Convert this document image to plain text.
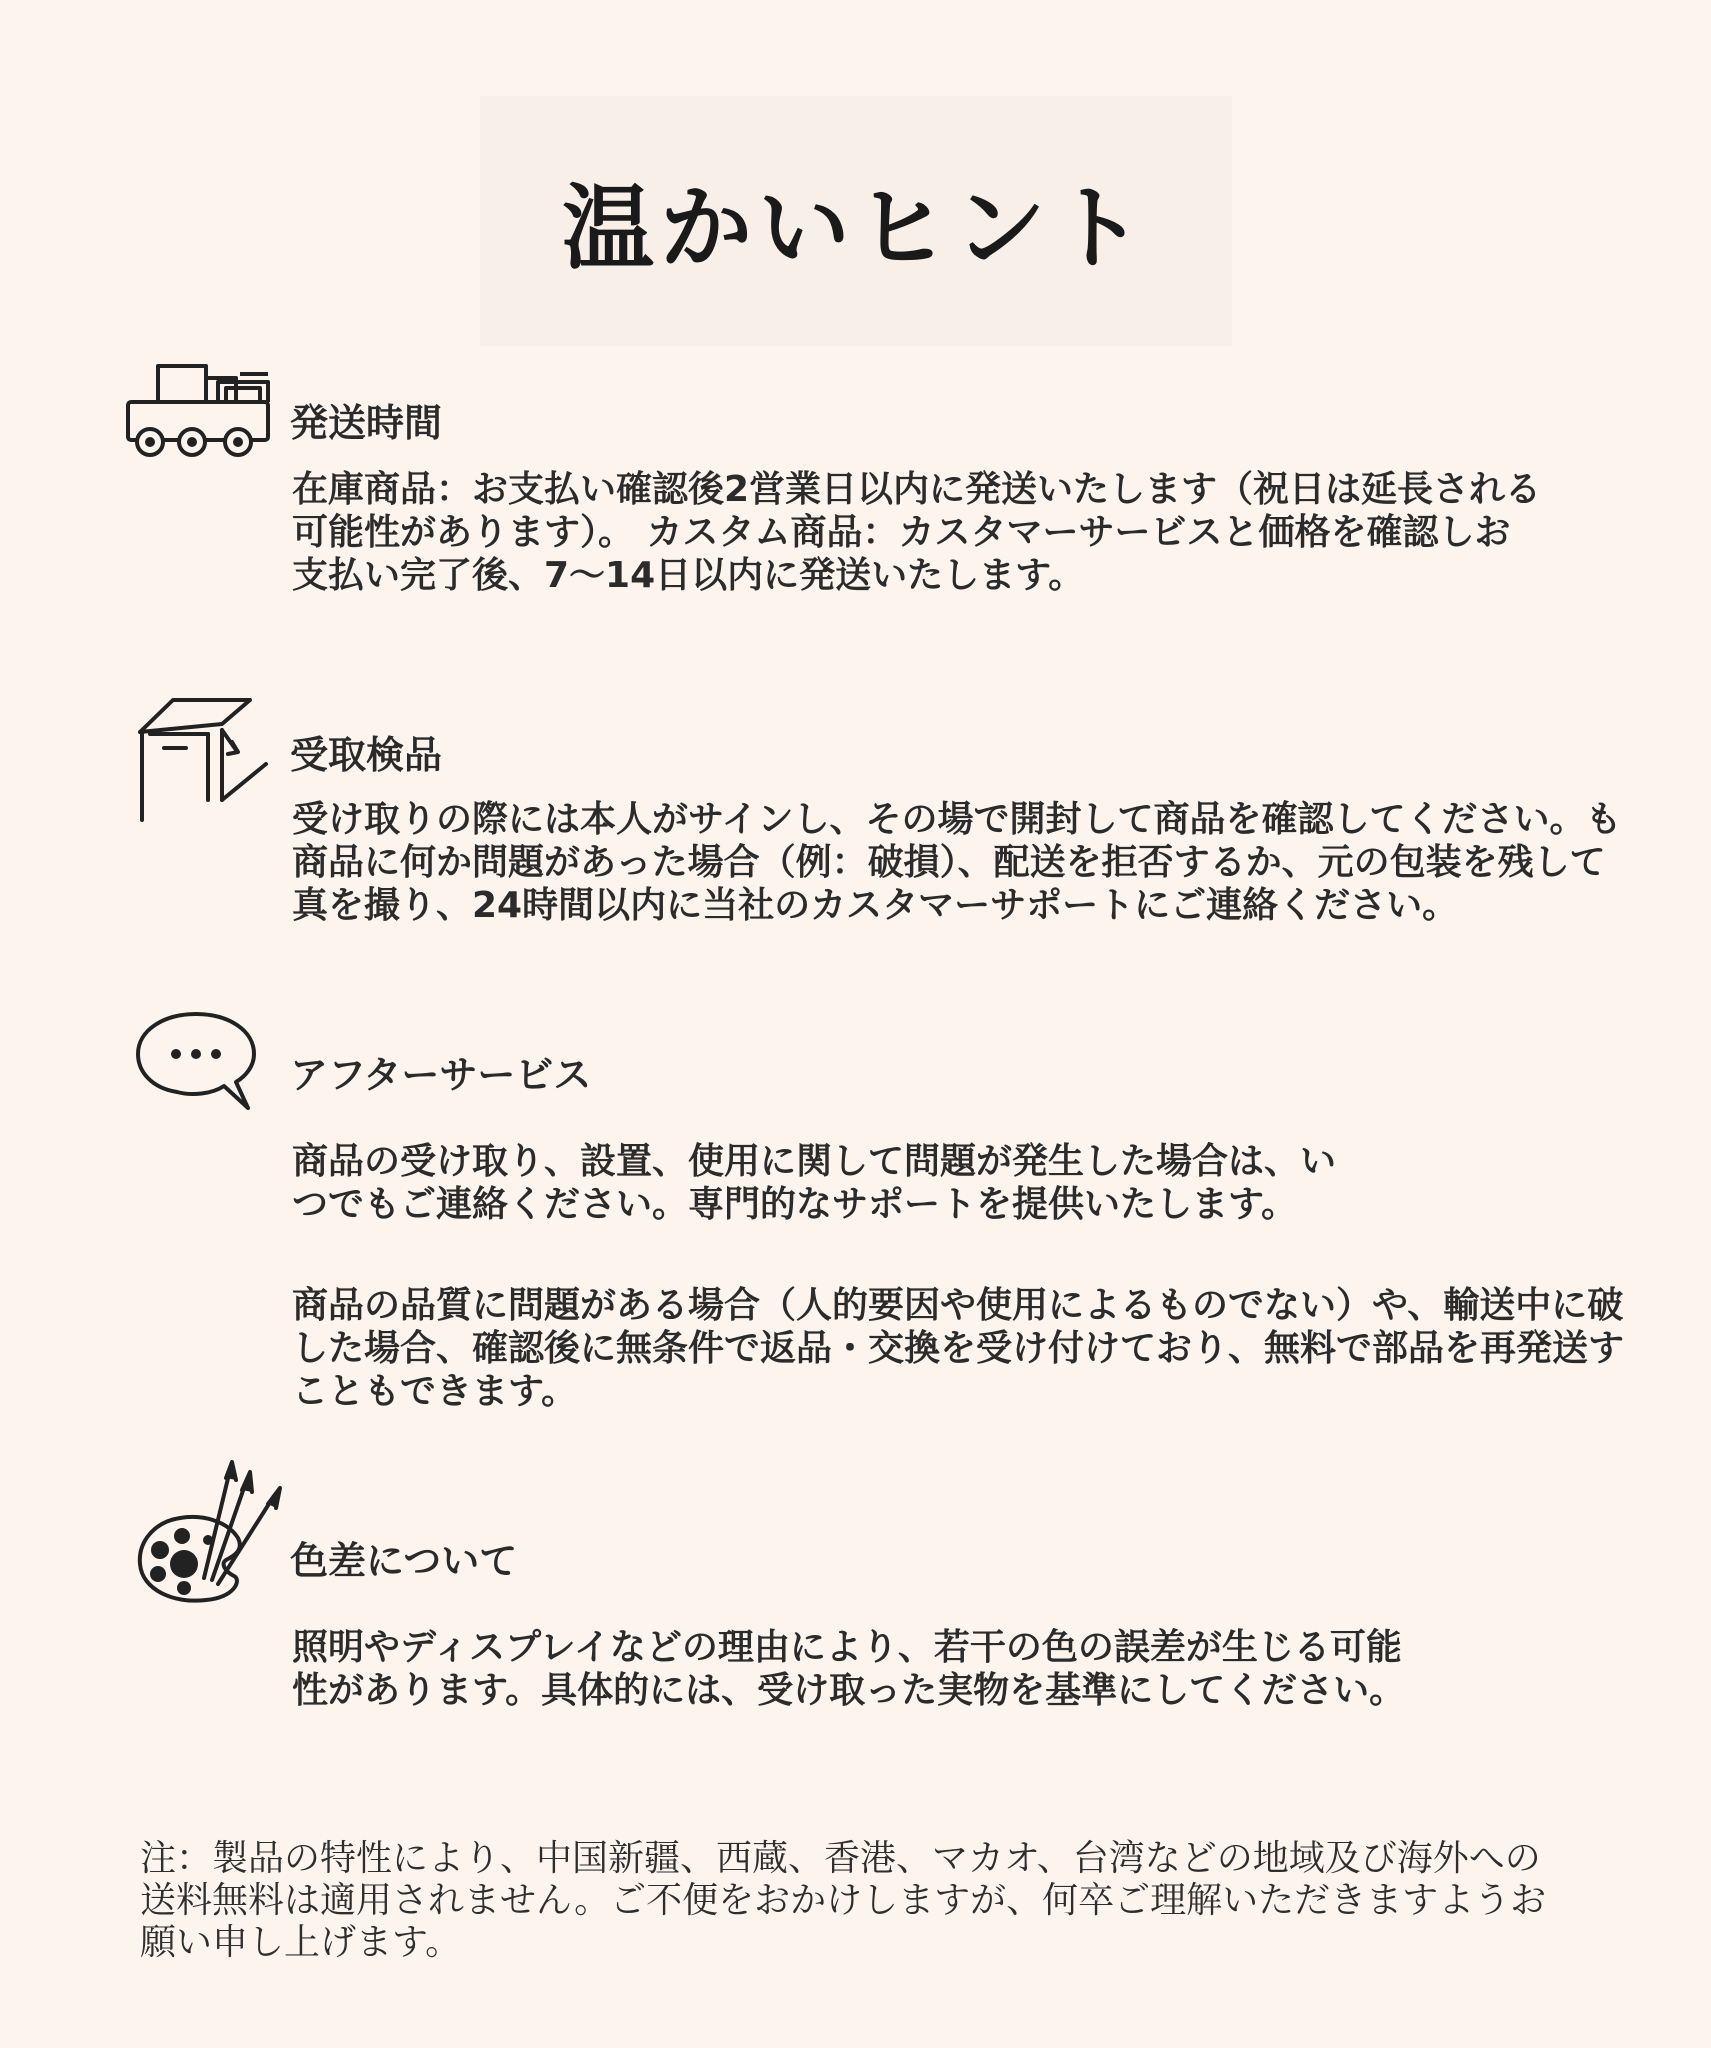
温かいヒント
発送時間
在庫商品：お支払い確認後2営業日以内に発送いたします（祝日は延長される
可能性があります）。 カスタム商品：カスタマーサービスと価格を確認しお
支払い完了後、7〜14日以内に発送いたします。
受取検品
受け取りの際には本人がサインし、その場で開封して商品を確認してください。も
商品に何か問題があった場合（例：破損）、配送を拒否するか、元の包装を残して
真を撮り、24時間以内に当社のカスタマーサポートにご連絡ください。
アフターサービス
商品の受け取り、設置、使用に関して問題が発生した場合は、い
つでもご連絡ください。専門的なサポートを提供いたします。
商品の品質に問題がある場合（人的要因や使用によるものでない）や、輸送中に破
した場合、確認後に無条件で返品・交換を受け付けており、無料で部品を再発送す
こともできます。
色差について
照明やディスプレイなどの理由により、若干の色の誤差が生じる可能
性があります。具体的には、受け取った実物を基準にしてください。
注：製品の特性により、中国新疆、西蔵、香港、マカオ、台湾などの地域及び海外への
送料無料は適用されません。ご不便をおかけしますが、何卒ご理解いただきますようお
願い申し上げます。
